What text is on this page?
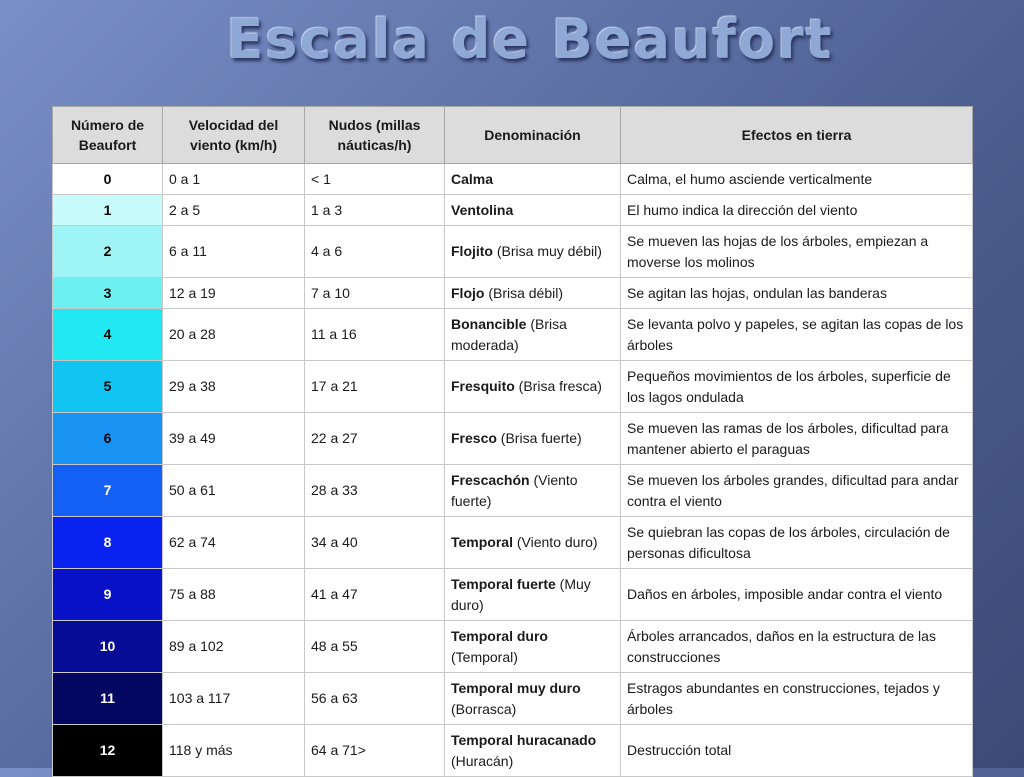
Escala de Beaufort
Número de Beaufort	Velocidad del viento (km/h)	Nudos (millas náuticas/h)	Denominación	Efectos en tierra
0	0 a 1	< 1	Calma	Calma, el humo asciende verticalmente
1	2 a 5	1 a 3	Ventolina	El humo indica la dirección del viento
2	6 a 11	4 a 6	Flojito (Brisa muy débil)	Se mueven las hojas de los árboles, empiezan a moverse los molinos
3	12 a 19	7 a 10	Flojo (Brisa débil)	Se agitan las hojas, ondulan las banderas
4	20 a 28	11 a 16	Bonancible (Brisa moderada)	Se levanta polvo y papeles, se agitan las copas de los árboles
5	29 a 38	17 a 21	Fresquito (Brisa fresca)	Pequeños movimientos de los árboles, superficie de los lagos ondulada
6	39 a 49	22 a 27	Fresco (Brisa fuerte)	Se mueven las ramas de los árboles, dificultad para mantener abierto el paraguas
7	50 a 61	28 a 33	Frescachón (Viento fuerte)	Se mueven los árboles grandes, dificultad para andar contra el viento
8	62 a 74	34 a 40	Temporal (Viento duro)	Se quiebran las copas de los árboles, circulación de personas dificultosa
9	75 a 88	41 a 47	Temporal fuerte (Muy duro)	Daños en árboles, imposible andar contra el viento
10	89 a 102	48 a 55	Temporal duro (Temporal)	Árboles arrancados, daños en la estructura de las construcciones
11	103 a 117	56 a 63	Temporal muy duro (Borrasca)	Estragos abundantes en construcciones, tejados y árboles
12	118 y más	64 a 71>	Temporal huracanado (Huracán)	Destrucción total
